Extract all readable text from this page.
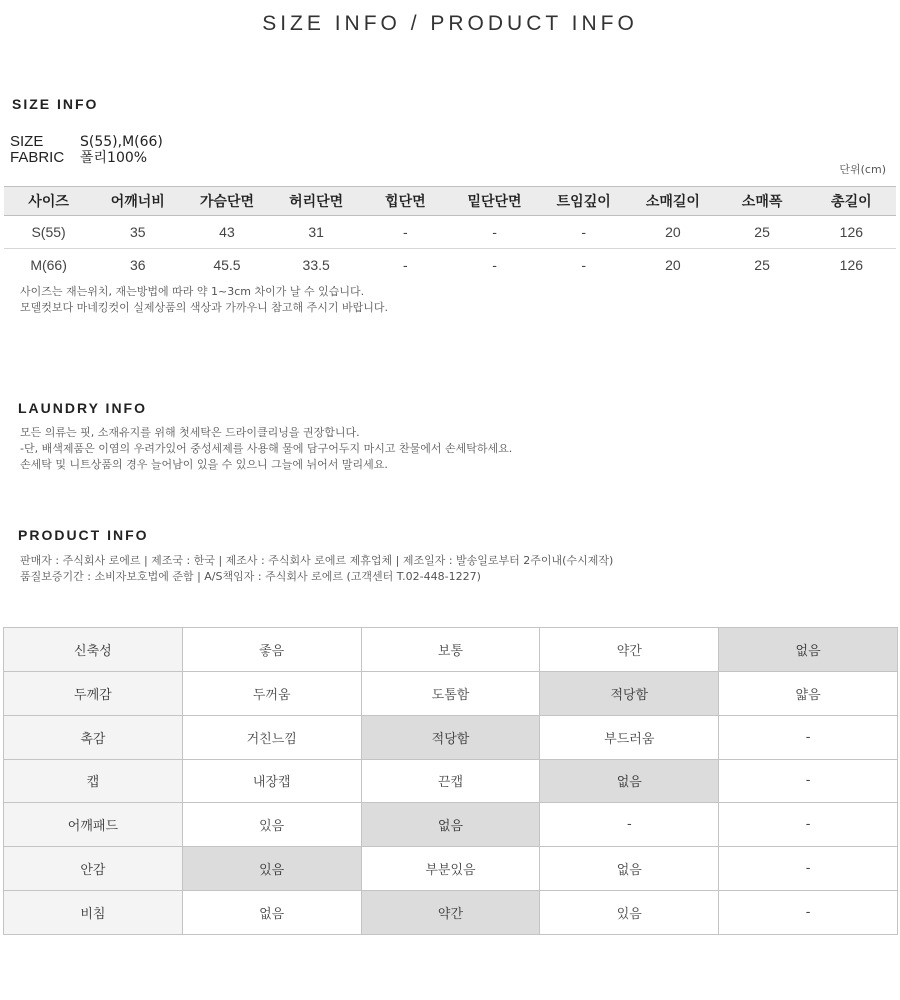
SIZE INFO / PRODUCT INFO
SIZE INFO
SIZE	S(55),M(66)
FABRIC	폴리100%
단위(cm)
사이즈	어깨너비	가슴단면	허리단면	힙단면	밑단단면	트임깊이	소매길이	소매폭	총길이
S(55)	35	43	31	-	-	-	20	25	126
M(66)	36	45.5	33.5	-	-	-	20	25	126
사이즈는 재는위치, 재는방법에 따라 약 1~3cm 차이가 날 수 있습니다.
모델컷보다 마네킹컷이 실제상품의 색상과 가까우니 참고해 주시기 바랍니다.
LAUNDRY INFO
모든 의류는 핏, 소재유지를 위해 첫세탁은 드라이클리닝을 권장합니다.
-단, 배색제품은 이염의 우려가있어 중성세제를 사용해 물에 담구어두지 마시고 찬물에서 손세탁하세요.
손세탁 및 니트상품의 경우 늘어남이 있을 수 있으니 그늘에 뉘어서 말리세요.
PRODUCT INFO
판매자 : 주식회사 로에르 | 제조국 : 한국 | 제조사 : 주식회사 로에르 제휴업체 | 제조일자 : 발송일로부터 2주이내(수시제작)
품질보증기간 : 소비자보호법에 준함 | A/S책임자 : 주식회사 로에르 (고객센터 T.02-448-1227)
신축성	좋음	보통	약간	없음
두께감	두꺼움	도톰함	적당함	얇음
촉감	거친느낌	적당함	부드러움	-
캡	내장캡	끈캡	없음	-
어깨패드	있음	없음	-	-
안감	있음	부분있음	없음	-
비침	없음	약간	있음	-
